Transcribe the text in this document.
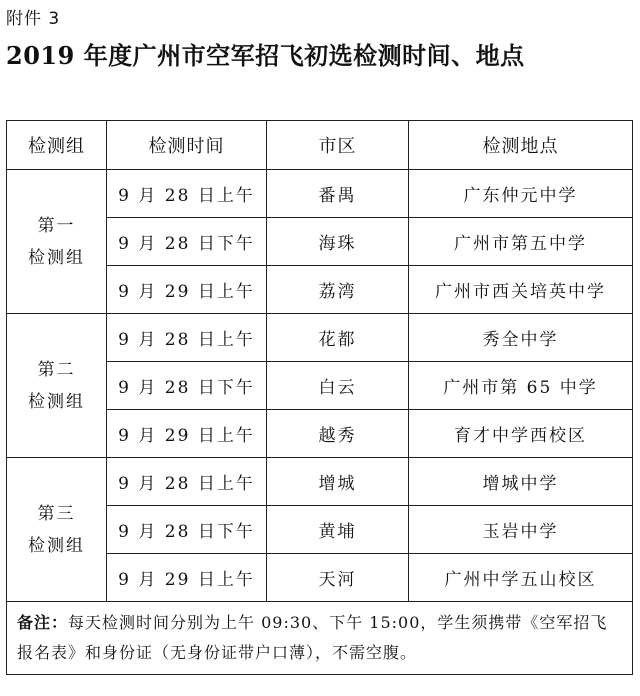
附件 3
2019 年度广州市空军招飞初选检测时间、地点
检测组	检测时间	市区	检测地点

第一
检测组	9 月 28 日上午	番禺	广东仲元中学
	9 月 28 日下午	海珠	广州市第五中学
	9 月 29 日上午	荔湾	广州市西关培英中学

第二
检测组	9 月 28 日上午	花都	秀全中学
	9 月 28 日下午	白云	广州市第 65 中学
	9 月 29 日上午	越秀	育才中学西校区

第三
检测组	9 月 28 日上午	增城	增城中学
	9 月 28 日下午	黄埔	玉岩中学
	9 月 29 日上午	天河	广州中学五山校区
备注：每天检测时间分别为上午 09:30、下午 15:00，学生须携带《空军招飞报名表》和身份证（无身份证带户口薄），不需空腹。			
